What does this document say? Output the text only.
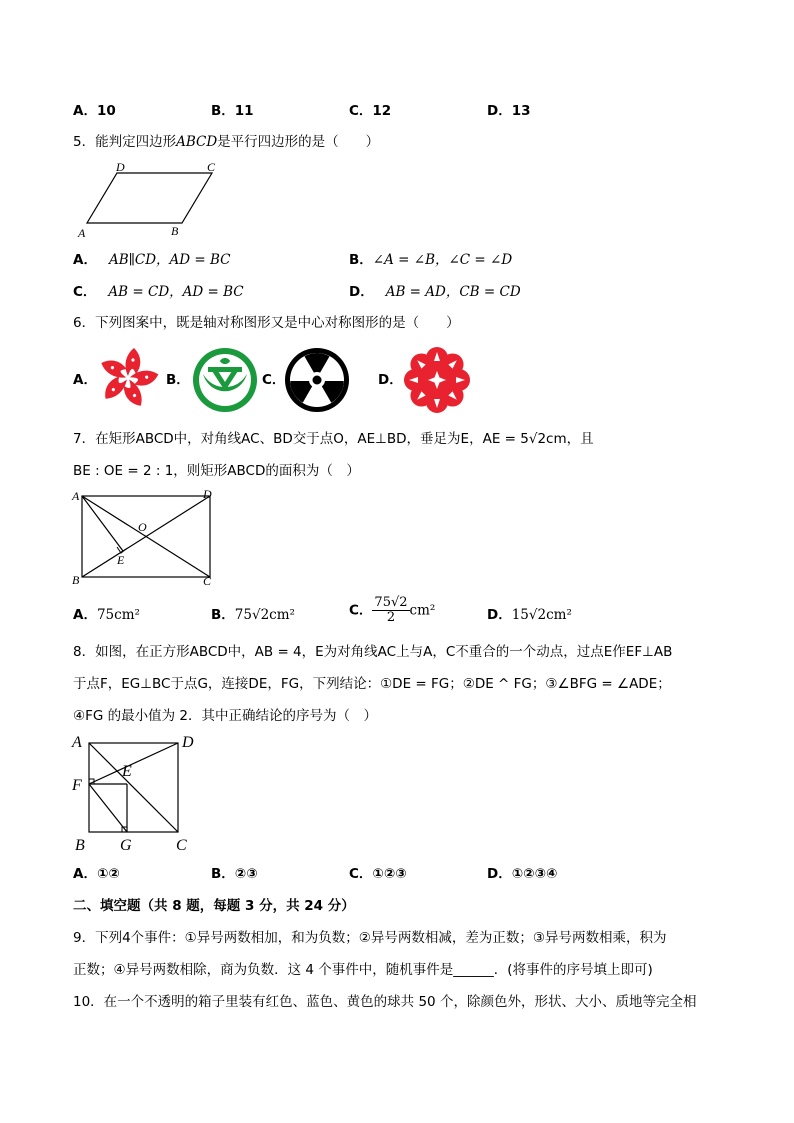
A．10	B．11	C．12	D．13
5．能判定四边形ABCD是平行四边形的是（　　）
D	C
A	B
A． AB∥CD，AD = BC	B．∠A = ∠B，∠C = ∠D
C． AB = CD，AD = BC	D． AB = AD，CB = CD
6．下列图案中，既是轴对称图形又是中心对称图形的是（　　）
A．	B．	C．	D．
7．在矩形ABCD中，对角线AC、BD交于点O，AE⊥BD，垂足为E，AE = 5√2cm，且
BE : OE = 2 : 1，则矩形ABCD的面积为（　）
A	D
B	C
O
E
A．75cm²	B．75√2cm²	C． $\frac{75√2}{2} cm^2$	D．15√2cm²
8．如图，在正方形ABCD中，AB = 4，E为对角线AC上与A，C不重合的一个动点，过点E作EF⊥AB
于点F，EG⊥BC于点G，连接DE，FG，下列结论：①DE = FG；②DE ^ FG；③∠BFG = ∠ADE；
④FG 的最小值为 2．其中正确结论的序号为（　）
A	D
E
F
B G	C
A．①②	B．②③	C．①②③	D．①②③④
二、填空题（共 8 题，每题 3 分，共 24 分）
9．下列4个事件：①异号两数相加，和为负数；②异号两数相减，差为正数；③异号两数相乘，积为
正数；④异号两数相除，商为负数．这 4 个事件中，随机事件是______．(将事件的序号填上即可)
10．在一个不透明的箱子里装有红色、蓝色、黄色的球共 50 个，除颜色外，形状、大小、质地等完全相
